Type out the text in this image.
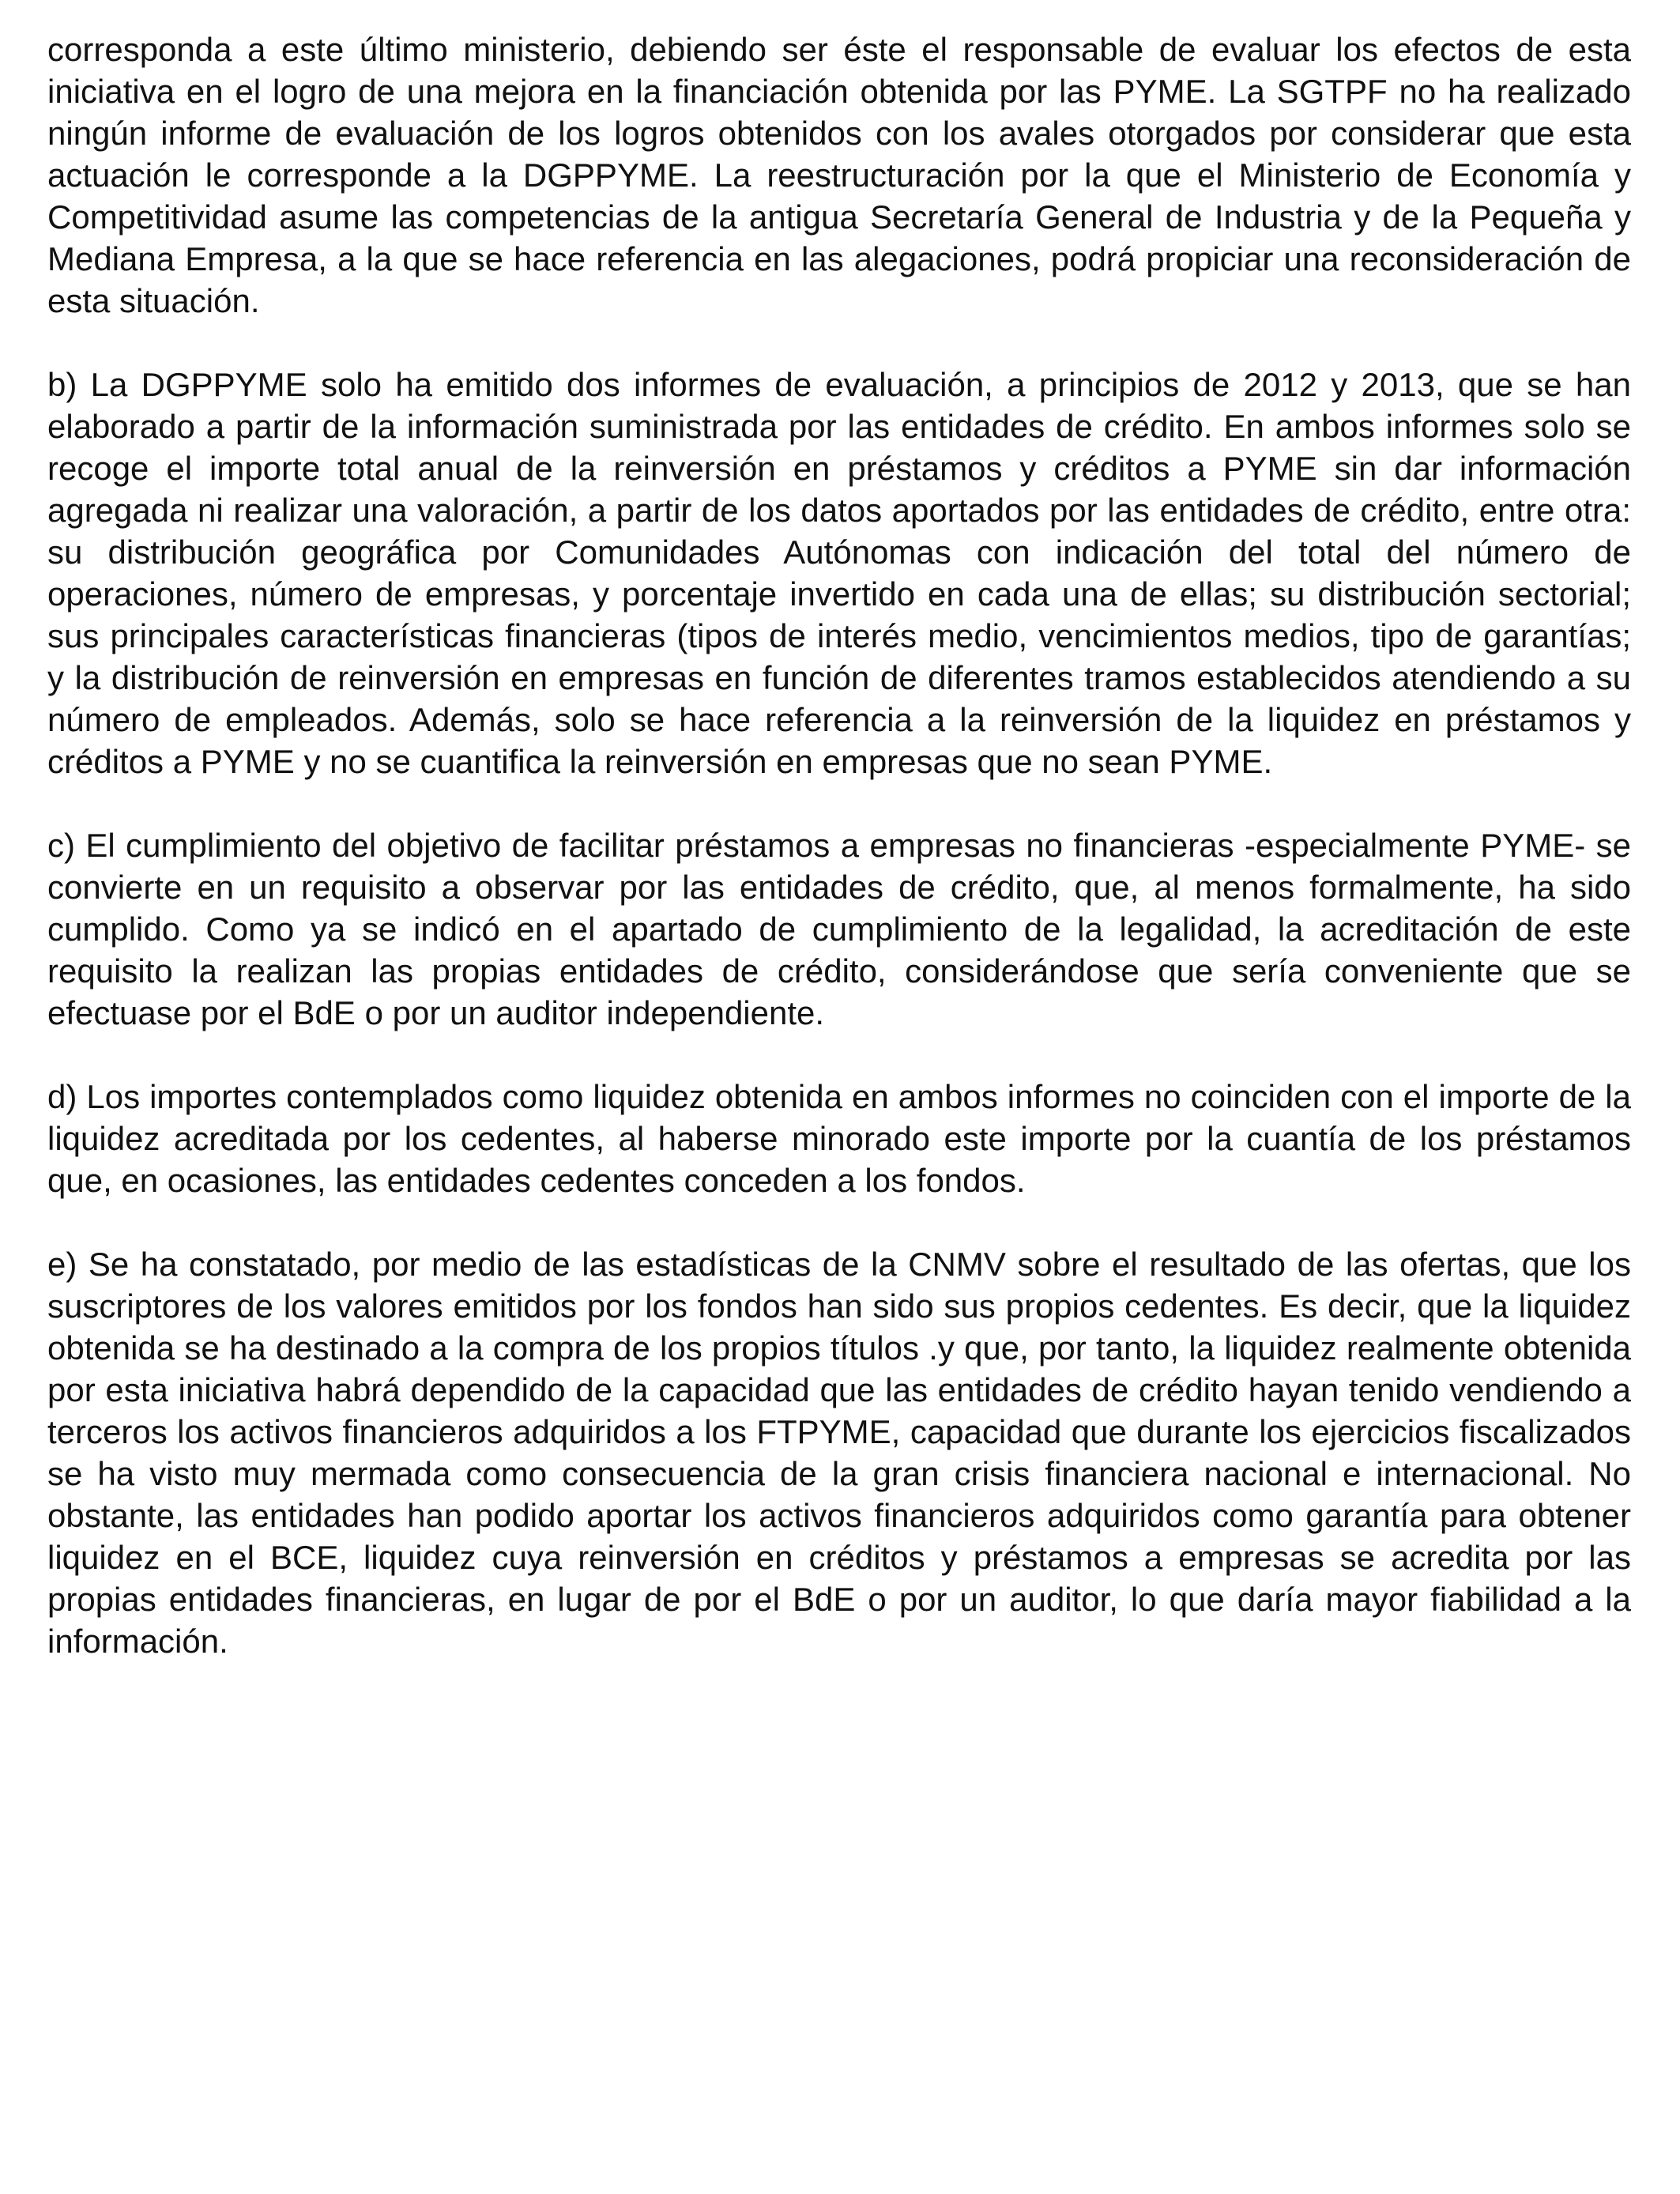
corresponda a este último ministerio, debiendo ser éste el responsable de evaluar los efectos de esta iniciativa en el logro de una mejora en la financiación obtenida por las PYME. La SGTPF no ha realizado ningún informe de evaluación de los logros obtenidos con los avales otorgados por considerar que esta actuación le corresponde a la DGPPYME. La reestructuración por la que el Ministerio de Economía y Competitividad asume las competencias de la antigua Secretaría General de Industria y de la Pequeña y Mediana Empresa, a la que se hace referencia en las alegaciones, podrá propiciar una reconsideración de esta situación.

b) La DGPPYME solo ha emitido dos informes de evaluación, a principios de 2012 y 2013, que se han elaborado a partir de la información suministrada por las entidades de crédito. En ambos informes solo se recoge el importe total anual de la reinversión en préstamos y créditos a PYME sin dar información agregada ni realizar una valoración, a partir de los datos aportados por las entidades de crédito, entre otra: su distribución geográfica por Comunidades Autónomas con indicación del total del número de operaciones, número de empresas, y porcentaje invertido en cada una de ellas; su distribución sectorial; sus principales características financieras (tipos de interés medio, vencimientos medios, tipo de garantías; y la distribución de reinversión en empresas en función de diferentes tramos establecidos atendiendo a su número de empleados. Además, solo se hace referencia a la reinversión de la liquidez en préstamos y créditos a PYME y no se cuantifica la reinversión en empresas que no sean PYME.

c) El cumplimiento del objetivo de facilitar préstamos a empresas no financieras -especialmente PYME- se convierte en un requisito a observar por las entidades de crédito, que, al menos formalmente, ha sido cumplido. Como ya se indicó en el apartado de cumplimiento de la legalidad, la acreditación de este requisito la realizan las propias entidades de crédito, considerándose que sería conveniente que se efectuase por el BdE o por un auditor independiente.

d) Los importes contemplados como liquidez obtenida en ambos informes no coinciden con el importe de la liquidez acreditada por los cedentes, al haberse minorado este importe por la cuantía de los préstamos que, en ocasiones, las entidades cedentes conceden a los fondos.

e) Se ha constatado, por medio de las estadísticas de la CNMV sobre el resultado de las ofertas, que los suscriptores de los valores emitidos por los fondos han sido sus propios cedentes. Es decir, que la liquidez obtenida se ha destinado a la compra de los propios títulos .y que, por tanto, la liquidez realmente obtenida por esta iniciativa habrá dependido de la capacidad que las entidades de crédito hayan tenido vendiendo a terceros los activos financieros adquiridos a los FTPYME, capacidad que durante los ejercicios fiscalizados se ha visto muy mermada como consecuencia de la gran crisis financiera nacional e internacional. No obstante, las entidades han podido aportar los activos financieros adquiridos como garantía para obtener liquidez en el BCE, liquidez cuya reinversión en créditos y préstamos a empresas se acredita por las propias entidades financieras, en lugar de por el BdE o por un auditor, lo que daría mayor fiabilidad a la información.
